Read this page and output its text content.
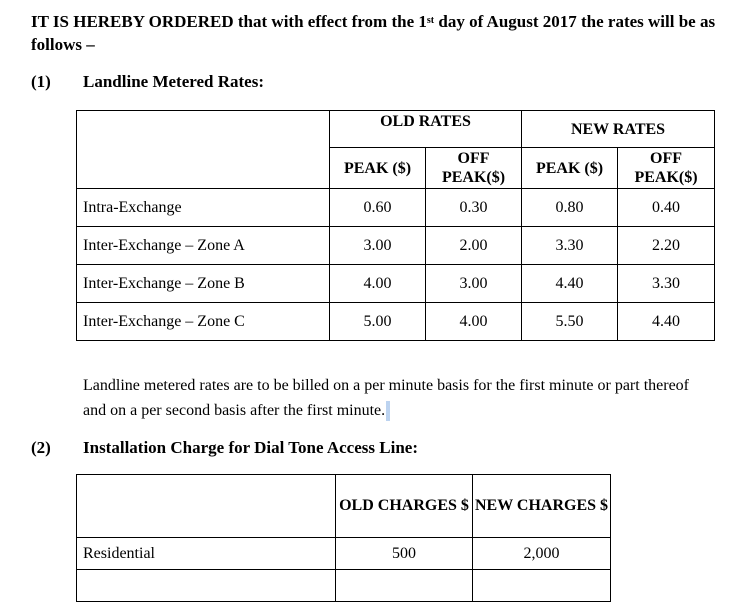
IT IS HEREBY ORDERED that with effect from the 1st day of August 2017 the rates will be as follows –
(1) Landline Metered Rates:
	OLD RATES		NEW RATES	
	PEAK ($)	OFF PEAK($)	PEAK ($)	OFF PEAK($)
Intra-Exchange	0.60	0.30	0.80	0.40
Inter-Exchange – Zone A	3.00	2.00	3.30	2.20
Inter-Exchange – Zone B	4.00	3.00	4.40	3.30
Inter-Exchange – Zone C	5.00	4.00	5.50	4.40
Landline metered rates are to be billed on a per minute basis for the first minute or part thereof and on a per second basis after the first minute.
(2) Installation Charge for Dial Tone Access Line:
	OLD CHARGES $	NEW CHARGES $
Residential	500	2,000
